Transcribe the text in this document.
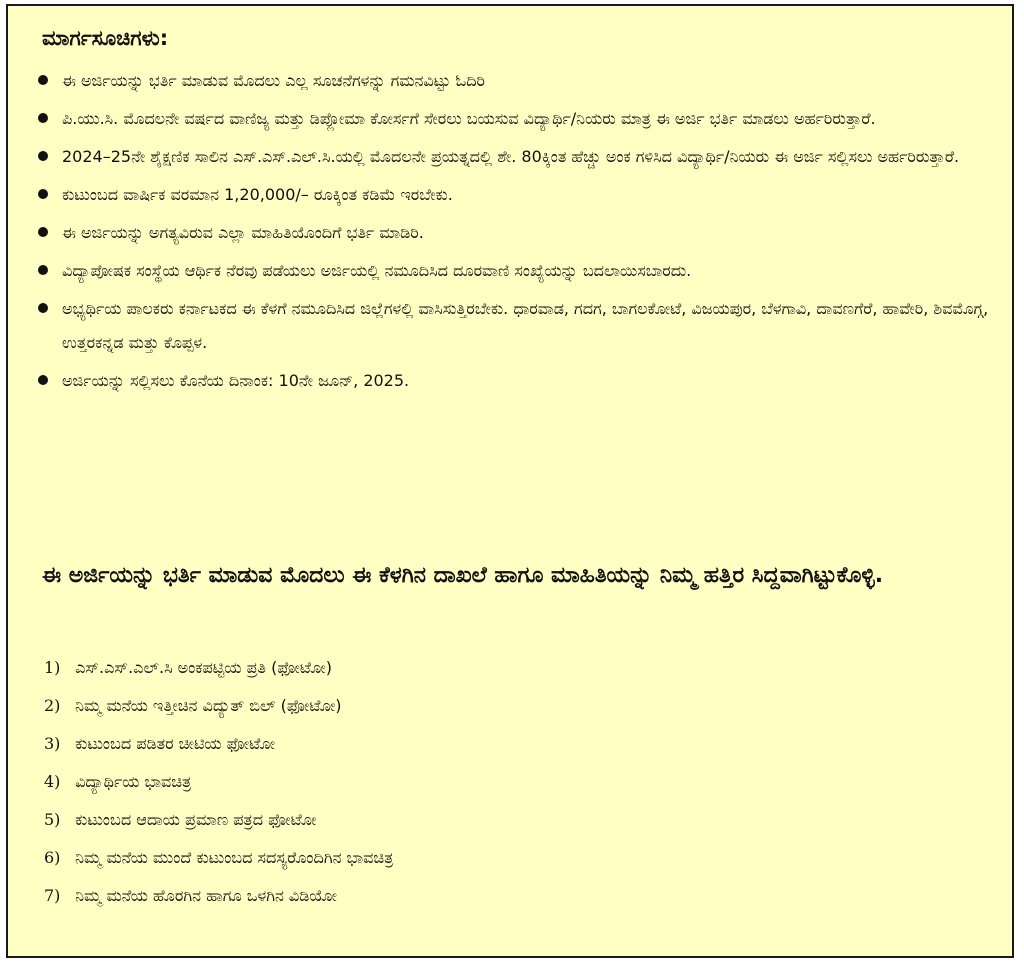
ಮಾರ್ಗಸೂಚಿಗಳು:
ಈ ಅರ್ಜಿಯನ್ನು ಭರ್ತಿ ಮಾಡುವ ಮೊದಲು ಎಲ್ಲ ಸೂಚನೆಗಳನ್ನು ಗಮನವಿಟ್ಟು ಓದಿರಿ
ಪಿ.ಯು.ಸಿ. ಮೊದಲನೇ ವರ್ಷದ ವಾಣಿಜ್ಯ ಮತ್ತು ಡಿಪ್ಲೋಮಾ ಕೋರ್ಸಗೆ ಸೇರಲು ಬಯಸುವ ವಿದ್ಯಾರ್ಥಿ/ನಿಯರು ಮಾತ್ರ ಈ ಅರ್ಜಿ ಭರ್ತಿ ಮಾಡಲು ಅರ್ಹರಿರುತ್ತಾರೆ.
2024–25ನೇ ಶೈಕ್ಷಣಿಕ ಸಾಲಿನ ಎಸ್.ಎಸ್.ಎಲ್.ಸಿ.ಯಲ್ಲಿ ಮೊದಲನೇ ಪ್ರಯತ್ನದಲ್ಲಿ ಶೇ. 80ಕ್ಕಿಂತ ಹೆಚ್ಚು ಅಂಕ ಗಳಿಸಿದ ವಿದ್ಯಾರ್ಥಿ/ನಿಯರು ಈ ಅರ್ಜಿ ಸಲ್ಲಿಸಲು ಅರ್ಹರಿರುತ್ತಾರೆ.
ಕುಟುಂಬದ ವಾರ್ಷಿಕ ವರಮಾನ 1,20,000/– ರೂಕ್ಕಿಂತ ಕಡಿಮೆ ಇರಬೇಕು.
ಈ ಅರ್ಜಿಯನ್ನು ಅಗತ್ಯವಿರುವ ಎಲ್ಲಾ ಮಾಹಿತಿಯೊಂದಿಗೆ ಭರ್ತಿ ಮಾಡಿರಿ.
ವಿದ್ಯಾಪೋಷಕ ಸಂಸ್ಥೆಯ ಆರ್ಥಿಕ ನೆರವು ಪಡೆಯಲು ಅರ್ಜಿಯಲ್ಲಿ ನಮೂದಿಸಿದ ದೂರವಾಣಿ ಸಂಖ್ಯೆಯನ್ನು ಬದಲಾಯಿಸಬಾರದು.
ಅಭ್ಯರ್ಥಿಯ ಪಾಲಕರು ಕರ್ನಾಟಕದ ಈ ಕೆಳಗೆ ನಮೂದಿಸಿದ ಜಿಲ್ಲೆಗಳಲ್ಲಿ ವಾಸಿಸುತ್ತಿರಬೇಕು. ಧಾರವಾಡ, ಗದಗ, ಬಾಗಲಕೋಟೆ, ವಿಜಯಪುರ, ಬೆಳಗಾವಿ, ದಾವಣಗೆರೆ, ಹಾವೇರಿ, ಶಿವಮೊಗ್ಗ, ಉತ್ತರಕನ್ನಡ ಮತ್ತು ಕೊಪ್ಪಳ.
ಅರ್ಜಿಯನ್ನು ಸಲ್ಲಿಸಲು ಕೊನೆಯ ದಿನಾಂಕ: 10ನೇ ಜೂನ್, 2025.
ಈ ಅರ್ಜಿಯನ್ನು ಭರ್ತಿ ಮಾಡುವ ಮೊದಲು ಈ ಕೆಳಗಿನ ದಾಖಲೆ ಹಾಗೂ ಮಾಹಿತಿಯನ್ನು ನಿಮ್ಮ ಹತ್ತಿರ ಸಿದ್ದವಾಗಿಟ್ಟುಕೊಳ್ಳಿ.
1) ಎಸ್.ಎಸ್.ಎಲ್.ಸಿ ಅಂಕಪಟ್ಟಿಯ ಪ್ರತಿ (ಫೋಟೋ)
2) ನಿಮ್ಮ ಮನೆಯ ಇತ್ತೀಚಿನ ವಿದ್ಯುತ್ ಬಿಲ್ (ಫೋಟೋ)
3) ಕುಟುಂಬದ ಪಡಿತರ ಚೀಟಿಯ ಫೋಟೋ
4) ವಿದ್ಯಾರ್ಥಿಯ ಭಾವಚಿತ್ರ
5) ಕುಟುಂಬದ ಆದಾಯ ಪ್ರಮಾಣ ಪತ್ರದ ಫೋಟೋ
6) ನಿಮ್ಮ ಮನೆಯ ಮುಂದೆ ಕುಟುಂಬದ ಸದಸ್ಯರೊಂದಿಗಿನ ಭಾವಚಿತ್ರ
7) ನಿಮ್ಮ ಮನೆಯ ಹೊರಗಿನ ಹಾಗೂ ಒಳಗಿನ ವಿಡಿಯೋ
